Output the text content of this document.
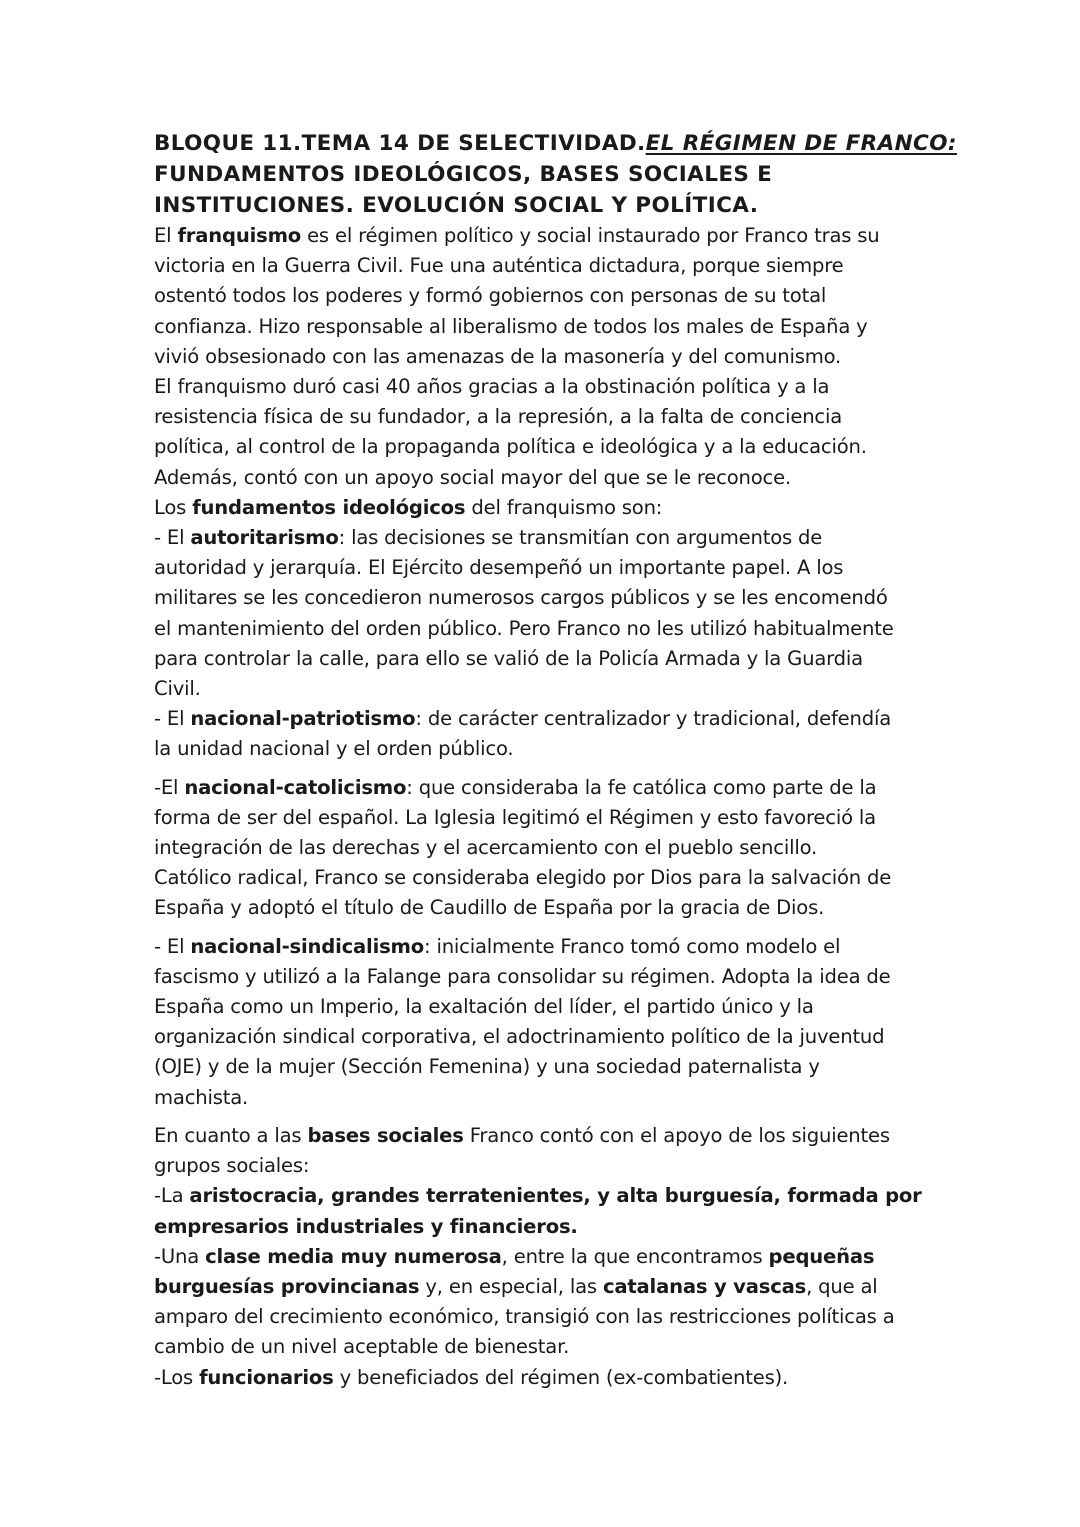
BLOQUE 11.TEMA 14 DE SELECTIVIDAD.EL RÉGIMEN DE FRANCO:
FUNDAMENTOS IDEOLÓGICOS, BASES SOCIALES E
INSTITUCIONES. EVOLUCIÓN SOCIAL Y POLÍTICA.

El franquismo es el régimen político y social instaurado por Franco tras su
victoria en la Guerra Civil. Fue una auténtica dictadura, porque siempre
ostentó todos los poderes y formó gobiernos con personas de su total
confianza. Hizo responsable al liberalismo de todos los males de España y
vivió obsesionado con las amenazas de la masonería y del comunismo.

El franquismo duró casi 40 años gracias a la obstinación política y a la
resistencia física de su fundador, a la represión, a la falta de conciencia
política, al control de la propaganda política e ideológica y a la educación.
Además, contó con un apoyo social mayor del que se le reconoce.

Los fundamentos ideológicos del franquismo son:

- El autoritarismo: las decisiones se transmitían con argumentos de
autoridad y jerarquía. El Ejército desempeñó un importante papel. A los
militares se les concedieron numerosos cargos públicos y se les encomendó
el mantenimiento del orden público. Pero Franco no les utilizó habitualmente
para controlar la calle, para ello se valió de la Policía Armada y la Guardia
Civil.

- El nacional-patriotismo: de carácter centralizador y tradicional, defendía
la unidad nacional y el orden público.

-El nacional-catolicismo: que consideraba la fe católica como parte de la
forma de ser del español. La Iglesia legitimó el Régimen y esto favoreció la
integración de las derechas y el acercamiento con el pueblo sencillo.
Católico radical, Franco se consideraba elegido por Dios para la salvación de
España y adoptó el título de Caudillo de España por la gracia de Dios.

- El nacional-sindicalismo: inicialmente Franco tomó como modelo el
fascismo y utilizó a la Falange para consolidar su régimen. Adopta la idea de
España como un Imperio, la exaltación del líder, el partido único y la
organización sindical corporativa, el adoctrinamiento político de la juventud
(OJE) y de la mujer (Sección Femenina) y una sociedad paternalista y
machista.

En cuanto a las bases sociales Franco contó con el apoyo de los siguientes
grupos sociales:
-La aristocracia, grandes terratenientes, y alta burguesía, formada por
empresarios industriales y financieros.
-Una clase media muy numerosa, entre la que encontramos pequeñas
burguesías provincianas y, en especial, las catalanas y vascas, que al
amparo del crecimiento económico, transigió con las restricciones políticas a
cambio de un nivel aceptable de bienestar.
-Los funcionarios y beneficiados del régimen (ex-combatientes).
